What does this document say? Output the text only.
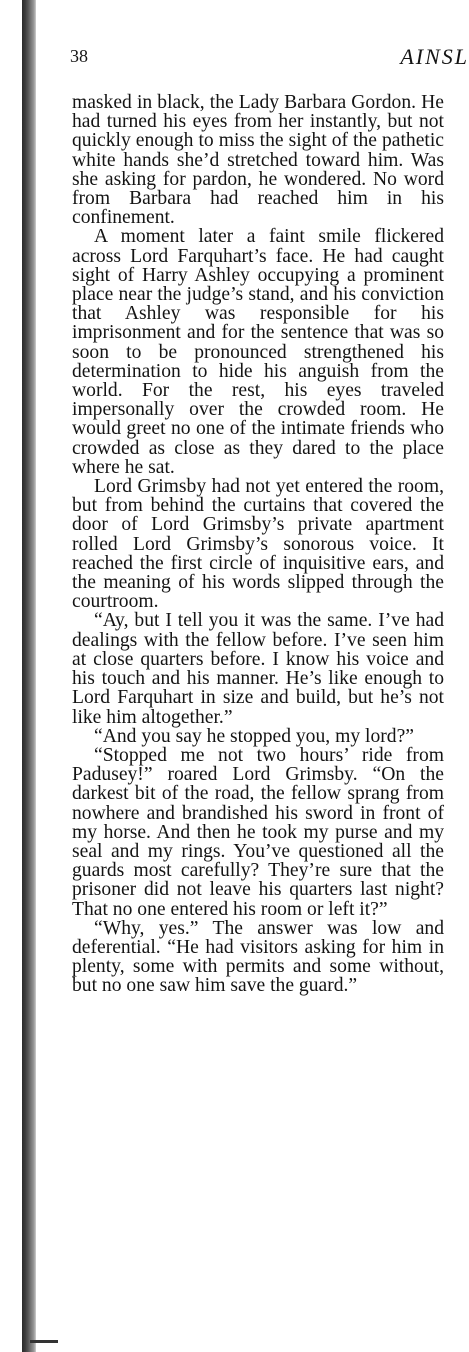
38	AINSL

masked in black, the Lady Barbara Gordon. He had turned his eyes from her instantly, but not quickly enough to miss the sight of the pathetic white hands she’d stretched toward him. Was she asking for pardon, he wondered. No word from Barbara had reached him in his confinement.

A moment later a faint smile flickered across Lord Farquhart’s face. He had caught sight of Harry Ashley occupying a prominent place near the judge’s stand, and his conviction that Ashley was responsible for his imprisonment and for the sentence that was so soon to be pronounced strengthened his determination to hide his anguish from the world. For the rest, his eyes traveled impersonally over the crowded room. He would greet no one of the intimate friends who crowded as close as they dared to the place where he sat.

Lord Grimsby had not yet entered the room, but from behind the curtains that covered the door of Lord Grimsby’s private apartment rolled Lord Grimsby’s sonorous voice. It reached the first circle of inquisitive ears, and the meaning of his words slipped through the courtroom.

“Ay, but I tell you it was the same. I’ve had dealings with the fellow before. I’ve seen him at close quarters before. I know his voice and his touch and his manner. He’s like enough to Lord Farquhart in size and build, but he’s not like him altogether.”

“And you say he stopped you, my lord?”

“Stopped me not two hours’ ride from Padusey!” roared Lord Grimsby. “On the darkest bit of the road, the fellow sprang from nowhere and brandished his sword in front of my horse. And then he took my purse and my seal and my rings. You’ve questioned all the guards most carefully? They’re sure that the prisoner did not leave his quarters last night? That no one entered his room or left it?”

“Why, yes.” The answer was low and deferential. “He had visitors asking for him in plenty, some with permits and some without, but no one saw him save the guard.”
